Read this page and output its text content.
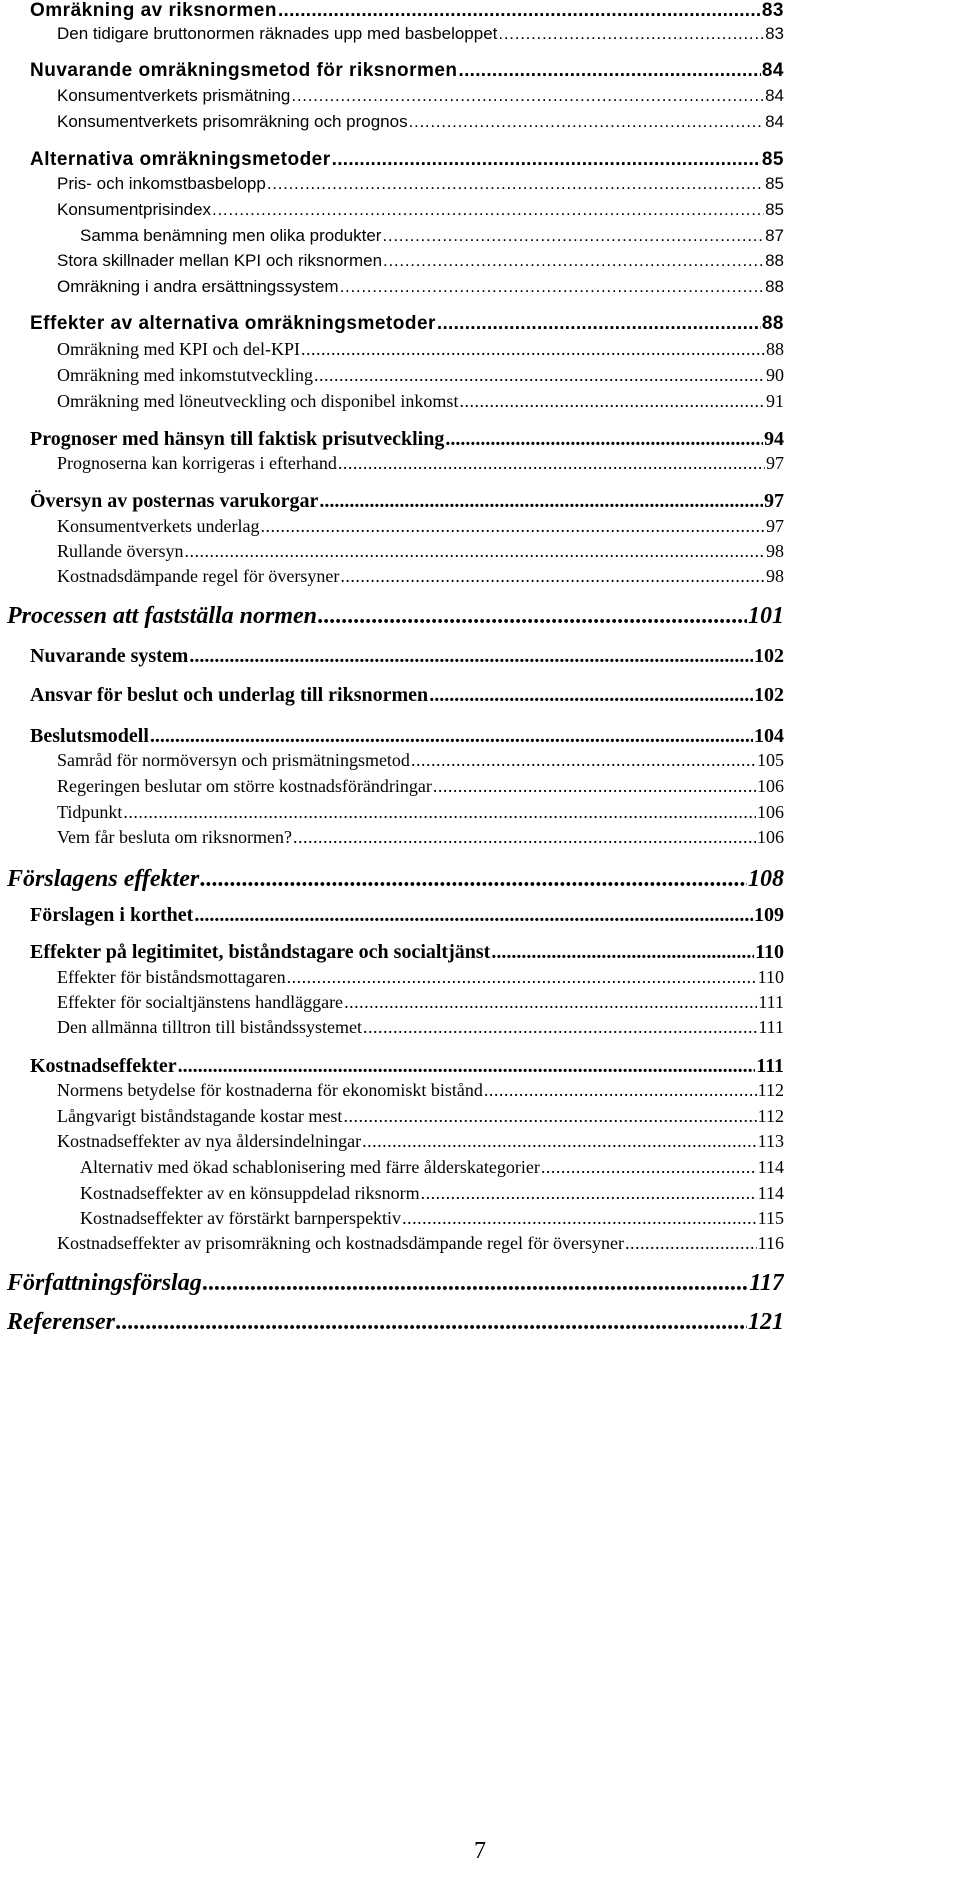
Omräkning av riksnormen . . .	83
Den tidigare bruttonormen räknades upp med basbeloppet . . .	83
Nuvarande omräkningsmetod för riksnormen . . .	84
Konsumentverkets prismätning . . .	84
Konsumentverkets prisomräkning och prognos . . .	84
Alternativa omräkningsmetoder . . .	85
Pris- och inkomstbasbelopp . . .	85
Konsumentprisindex . . .	85
Samma benämning men olika produkter . . .	87
Stora skillnader mellan KPI och riksnormen . . .	88
Omräkning i andra ersättningssystem . . .	88
Effekter av alternativa omräkningsmetoder . . .	88
Omräkning med KPI och del-KPI . . .	88
Omräkning med inkomstutveckling . . .	90
Omräkning med löneutveckling och disponibel inkomst . . .	91
Prognoser med hänsyn till faktisk prisutveckling . . .	94
Prognoserna kan korrigeras i efterhand . . .	97
Översyn av posternas varukorgar . . .	97
Konsumentverkets underlag . . .	97
Rullande översyn . . .	98
Kostnadsdämpande regel för översyner . . .	98
Processen att fastställa normen . . .	101
Nuvarande system . . .	102
Ansvar för beslut och underlag till riksnormen . . .	102
Beslutsmodell . . .	104
Samråd för normöversyn och prismätningsmetod . . .	105
Regeringen beslutar om större kostnadsförändringar . . .	106
Tidpunkt . . .	106
Vem får besluta om riksnormen? . . .	106
Förslagens effekter . . .	108
Förslagen i korthet . . .	109
Effekter på legitimitet, biståndstagare och socialtjänst . . .	110
Effekter för biståndsmottagaren . . .	110
Effekter för socialtjänstens handläggare . . .	111
Den allmänna tilltron till biståndssystemet . . .	111
Kostnadseffekter . . .	111
Normens betydelse för kostnaderna för ekonomiskt bistånd . . .	112
Långvarigt biståndstagande kostar mest . . .	112
Kostnadseffekter av nya åldersindelningar . . .	113
Alternativ med ökad schablonisering med färre ålderskategorier . . .	114
Kostnadseffekter av en könsuppdelad riksnorm . . .	114
Kostnadseffekter av förstärkt barnperspektiv . . .	115
Kostnadseffekter av prisomräkning och kostnadsdämpande regel för översyner . . .	116
Författningsförslag . . .	117
Referenser . . .	121
7
